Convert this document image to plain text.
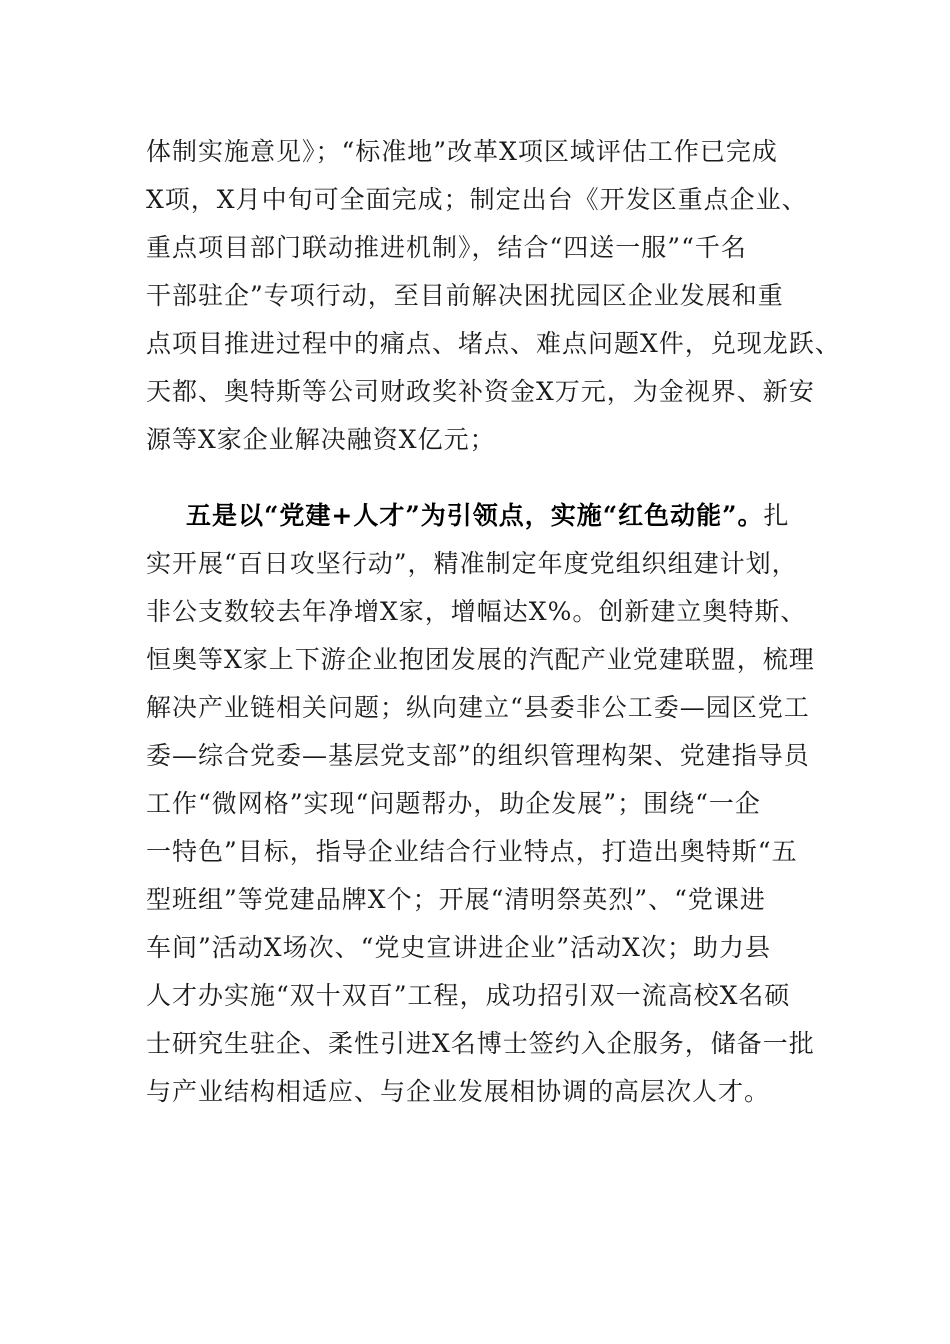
体制实施意见》；“标准地”改革X项区域评估工作已完成
X项，X月中旬可全面完成；制定出台《开发区重点企业、
重点项目部门联动推进机制》，结合“四送一服”“千名
干部驻企”专项行动，至目前解决困扰园区企业发展和重
点项目推进过程中的痛点、堵点、难点问题X件，兑现龙跃、
天都、奥特斯等公司财政奖补资金X万元，为金视界、新安
源等X家企业解决融资X亿元；
五是以“党建+人才”为引领点，实施“红色动能”。扎
实开展“百日攻坚行动”，精准制定年度党组织组建计划，
非公支数较去年净增X家，增幅达X%。创新建立奥特斯、
恒奥等X家上下游企业抱团发展的汽配产业党建联盟，梳理
解决产业链相关问题；纵向建立“县委非公工委—园区党工
委—综合党委—基层党支部”的组织管理构架、党建指导员
工作“微网格”实现“问题帮办，助企发展”；围绕“一企
一特色”目标，指导企业结合行业特点，打造出奥特斯“五
型班组”等党建品牌X个；开展“清明祭英烈”、“党课进
车间”活动X场次、“党史宣讲进企业”活动X次；助力县
人才办实施“双十双百”工程，成功招引双一流高校X名硕
士研究生驻企、柔性引进X名博士签约入企服务，储备一批
与产业结构相适应、与企业发展相协调的高层次人才。
